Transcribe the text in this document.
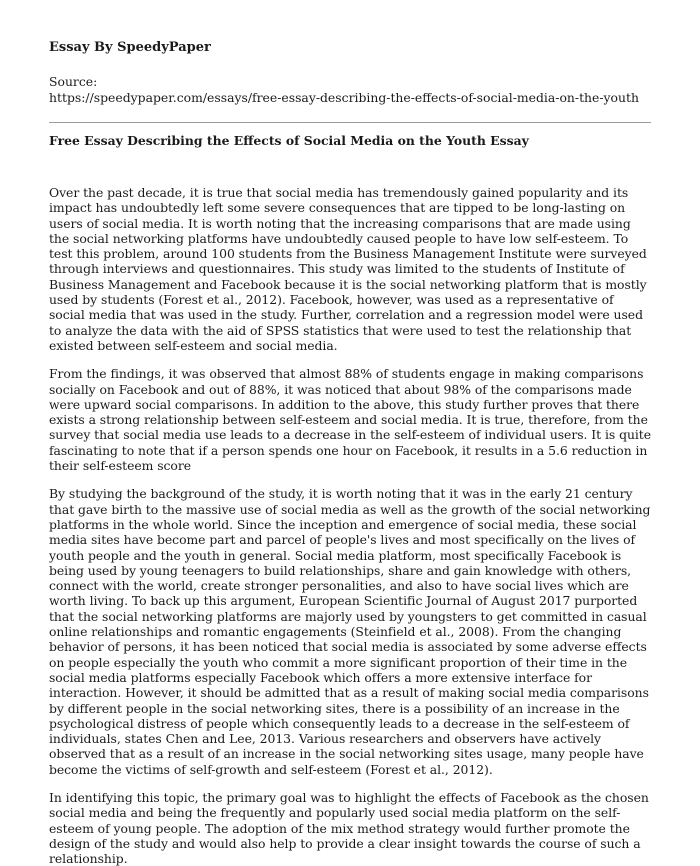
Essay By SpeedyPaper
Source:
https://speedypaper.com/essays/free-essay-describing-the-effects-of-social-media-on-the-youth
Free Essay Describing the Effects of Social Media on the Youth Essay

Over the past decade, it is true that social media has tremendously gained popularity and its impact has undoubtedly left some severe consequences that are tipped to be long-lasting on users of social media. It is worth noting that the increasing comparisons that are made using the social networking platforms have undoubtedly caused people to have low self-esteem. To test this problem, around 100 students from the Business Management Institute were surveyed through interviews and questionnaires. This study was limited to the students of Institute of Business Management and Facebook because it is the social networking platform that is mostly used by students (Forest et al., 2012). Facebook, however, was used as a representative of social media that was used in the study. Further, correlation and a regression model were used to analyze the data with the aid of SPSS statistics that were used to test the relationship that existed between self-esteem and social media.

From the findings, it was observed that almost 88% of students engage in making comparisons socially on Facebook and out of 88%, it was noticed that about 98% of the comparisons made were upward social comparisons. In addition to the above, this study further proves that there exists a strong relationship between self-esteem and social media. It is true, therefore, from the survey that social media use leads to a decrease in the self-esteem of individual users. It is quite fascinating to note that if a person spends one hour on Facebook, it results in a 5.6 reduction in their self-esteem score

By studying the background of the study, it is worth noting that it was in the early 21 century that gave birth to the massive use of social media as well as the growth of the social networking platforms in the whole world. Since the inception and emergence of social media, these social media sites have become part and parcel of people's lives and most specifically on the lives of youth people and the youth in general. Social media platform, most specifically Facebook is being used by young teenagers to build relationships, share and gain knowledge with others, connect with the world, create stronger personalities, and also to have social lives which are worth living. To back up this argument, European Scientific Journal of August 2017 purported that the social networking platforms are majorly used by youngsters to get committed in casual online relationships and romantic engagements (Steinfield et al., 2008). From the changing behavior of persons, it has been noticed that social media is associated by some adverse effects on people especially the youth who commit a more significant proportion of their time in the social media platforms especially Facebook which offers a more extensive interface for interaction. However, it should be admitted that as a result of making social media comparisons by different people in the social networking sites, there is a possibility of an increase in the psychological distress of people which consequently leads to a decrease in the self-esteem of individuals, states Chen and Lee, 2013. Various researchers and observers have actively observed that as a result of an increase in the social networking sites usage, many people have become the victims of self-growth and self-esteem (Forest et al., 2012).

In identifying this topic, the primary goal was to highlight the effects of Facebook as the chosen social media and being the frequently and popularly used social media platform on the self-esteem of young people. The adoption of the mix method strategy would further promote the design of the study and would also help to provide a clear insight towards the course of such a relationship.
